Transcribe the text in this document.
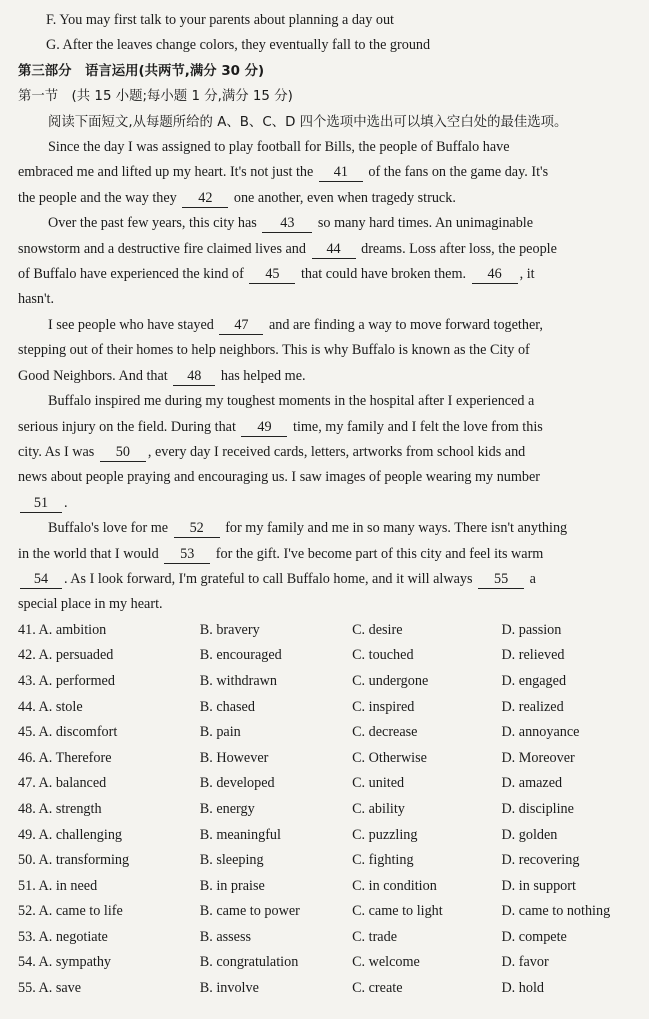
F. You may first talk to your parents about planning a day out
G. After the leaves change colors, they eventually fall to the ground
第三部分　语言运用(共两节,满分 30 分)
第一节　(共 15 小题;每小题 1 分,满分 15 分)
阅读下面短文,从每题所给的 A、B、C、D 四个选项中选出可以填入空白处的最佳选项。
Since the day I was assigned to play football for Bills, the people of Buffalo have
embraced me and lifted up my heart. It's not just the 41 of the fans on the game day. It's
the people and the way they 42 one another, even when tragedy struck.
Over the past few years, this city has 43 so many hard times. An unimaginable
snowstorm and a destructive fire claimed lives and 44 dreams. Loss after loss, the people
of Buffalo have experienced the kind of 45 that could have broken them. 46 , it
hasn't.
I see people who have stayed 47 and are finding a way to move forward together,
stepping out of their homes to help neighbors. This is why Buffalo is known as the City of
Good Neighbors. And that 48 has helped me.
Buffalo inspired me during my toughest moments in the hospital after I experienced a
serious injury on the field. During that 49 time, my family and I felt the love from this
city. As I was 50 , every day I received cards, letters, artworks from school kids and
news about people praying and encouraging us. I saw images of people wearing my number
51 .
Buffalo's love for me 52 for my family and me in so many ways. There isn't anything
in the world that I would 53 for the gift. I've become part of this city and feel its warm
54 . As I look forward, I'm grateful to call Buffalo home, and it will always 55 a
special place in my heart.
41. A. ambition	B. bravery	C. desire	D. passion
42. A. persuaded	B. encouraged	C. touched	D. relieved
43. A. performed	B. withdrawn	C. undergone	D. engaged
44. A. stole	B. chased	C. inspired	D. realized
45. A. discomfort	B. pain	C. decrease	D. annoyance
46. A. Therefore	B. However	C. Otherwise	D. Moreover
47. A. balanced	B. developed	C. united	D. amazed
48. A. strength	B. energy	C. ability	D. discipline
49. A. challenging	B. meaningful	C. puzzling	D. golden
50. A. transforming	B. sleeping	C. fighting	D. recovering
51. A. in need	B. in praise	C. in condition	D. in support
52. A. came to life	B. came to power	C. came to light	D. came to nothing
53. A. negotiate	B. assess	C. trade	D. compete
54. A. sympathy	B. congratulation	C. welcome	D. favor
55. A. save	B. involve	C. create	D. hold
